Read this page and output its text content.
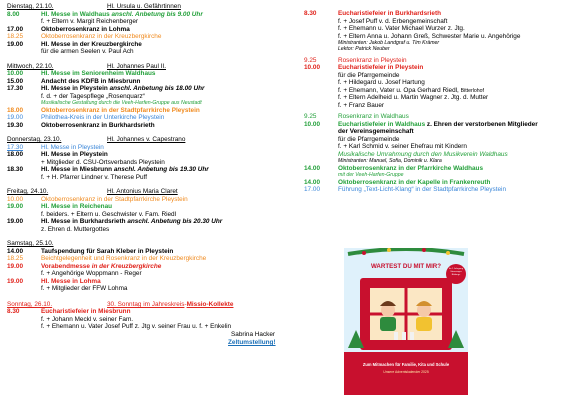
Dienstag, 21.10.	Hl. Ursula u. Gefährtinnen
8.00	Hl. Messe in Waldhaus anschl. Anbetung bis 9.00 Uhr
f. + Eltern v. Margit Reichenberger
17.00	Oktoberrosenkranz in Lohma
18.25	Oktoberrosenkranz in der Kreuzbergkirche
19.00	Hl. Messe in der Kreuzbergkirche
für die armen Seelen v. Paul Ach
Mittwoch, 22.10.	Hl. Johannes Paul II.
10.00	Hl. Messe im Seniorenheim Waldhaus
15.00	Andacht des KDFB in Miesbrunn
17.30	Hl. Messe in Pleystein anschl. Anbetung bis 18.00 Uhr
f. d. + der Tagespflege „Rosenquarz“
Musikalische Gestaltung durch die Veeh-Harfen-Gruppe aus Neustadt
18.00	Oktoberrosenkranz in der Stadtpfarrkirche Pleystein
19.00	Philothea-Kreis in der Unterkirche Pleystein
19.30	Oktoberrosenkranz in Burkhardsrieth
Donnerstag, 23.10.	Hl. Johannes v. Capestrano
17.30	Hl. Messe in Pleystein
18.00	Hl. Messe in Pleystein
+ Mitglieder d. CSU-Ortsverbands Pleystein
18.30	Hl. Messe in Miesbrunn anschl. Anbetung bis 19.30 Uhr
f. + H. Pfarrer Lindner v. Therese Puff
Freitag, 24.10.	Hl. Antonius Maria Claret
10.00	Oktoberrosenkranz in der Stadtpfarrkirche Pleystein
19.00	Hl. Messe in Reichenau
f. beiders. + Eltern u. Geschwister v. Fam. Riedl
19.00	Hl. Messe in Burkhardsrieth anschl. Anbetung bis 20.30 Uhr
z. Ehren d. Muttergottes
Samstag, 25.10.
14.00	Taufspendung für Sarah Kleber in Pleystein
18.25	Beichtgelegenheit und Rosenkranz in der Kreuzbergkirche
19.00	Vorabendmesse in der Kreuzbergkirche
f. + Angehörige Woppmann - Reger
19.00	Hl. Messe in Lohma
f. + Mitglieder der FFW Lohma
Zeltumstellung!
Sonntag, 26.10.	30. Sonntag im Jahreskreis - Missio-Kollekte
8.30	Eucharistiefeier in Miesbrunn
f. + Johann Meckl v. seiner Fam.
f. + Ehemann u. Vater Josef Puff z. Jtg v. seiner Frau u. f. + Enkelin
Sabrina Hacker
8.30	Eucharistiefeier in Burkhardsrieth
f. + Josef Puff v. d. Erbengemeinschaft
f. + Ehemann u. Vater Michael Wurzer z. Jtg.
f. + Eltern Anna u. Johann Greß, Schwester Marie u. Angehörige
Ministranten: Jakob Landgraf u. Tim Krämer
Lektor: Patrick Neuber
9.25	Rosenkranz in Pleystein
10.00	Eucharistiefeier in Pleystein
für die Pfarrgemeinde
f. + Hildegard u. Josef Hartung
f. + Ehemann, Vater u. Opa Gerhard Riedl, Bitterlohof
f. + Eltern Adelheid u. Martin Wagner z. Jtg. d. Mutter
f. + Franz Bauer
9.25	Rosenkranz in Waldhaus
10.00	Eucharistiefeier in Waldhaus z. Ehren der verstorbenen Mitglieder
der Vereinsgemeinschaft
für die Pfarrgemeinde
f. + Karl Schmid v. seiner Ehefrau mit Kindern
Musikalische Umrahmung durch den Musikverein Waldhaus
Ministranten: Manuel, Sofia, Dominik u. Klara
14.00	Oktoberrosenkranz in der Pfarrkirche Waldhaus
mit der Veeh-Harfen-Gruppe
14.00	Oktoberrosenkranz in der Kapelle in Frankenreuth
17.00	Führung „Text-Licht-Klang“ in der Stadtpfarrkirche Pleystein
WARTEST DU MIT MIR?	für 1 Jahrgang Sternsinger Bildungs
Zum Mitmachen für Familie, Kita und Schule
Unsere Adventskalender 2025
